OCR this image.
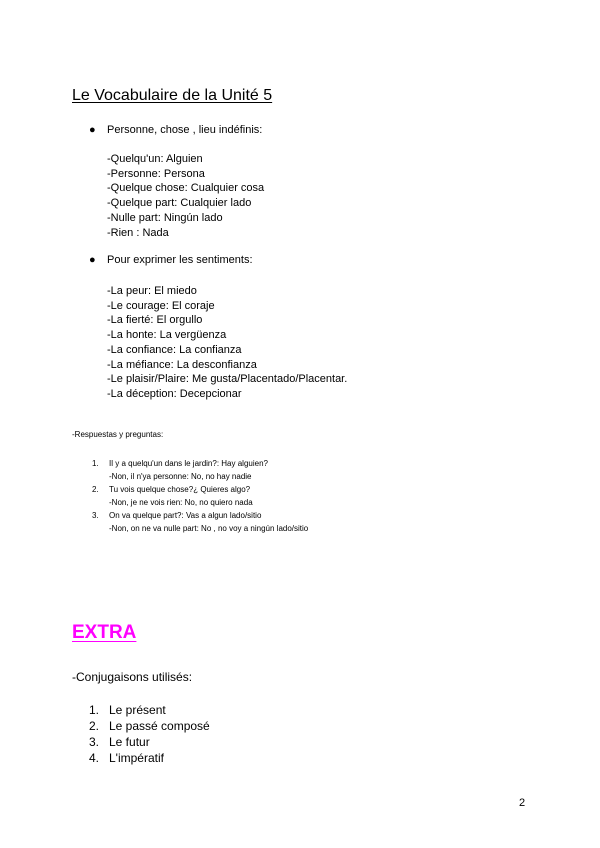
Le Vocabulaire de la Unité 5
● Personne, chose , lieu indéfinis:
-Quelqu'un: Alguien
-Personne: Persona
-Quelque chose: Cualquier cosa
-Quelque part: Cualquier lado
-Nulle part: Ningún lado
-Rien : Nada
● Pour exprimer les sentiments:
-La peur: El miedo
-Le courage: El coraje
-La fierté: El orgullo
-La honte: La vergüenza
-La confiance: La confianza
-La méfiance: La desconfianza
-Le plaisir/Plaire: Me gusta/Placentado/Placentar.
-La déception: Decepcionar
-Respuestas y preguntas:
1.	Il y a quelqu'un dans le jardin?: Hay alguien?
-Non, il n'ya personne: No, no hay nadie
2.	Tu vois quelque chose?¿ Quieres algo?
-Non, je ne vois rien: No, no quiero nada
3.	On va quelque part?: Vas a algun lado/sitio
-Non, on ne va nulle part: No , no voy a ningún lado/sitio
EXTRA
-Conjugaisons utilisés:
1. Le présent
2. Le passé composé
3. Le futur
4. L'impératif
2
